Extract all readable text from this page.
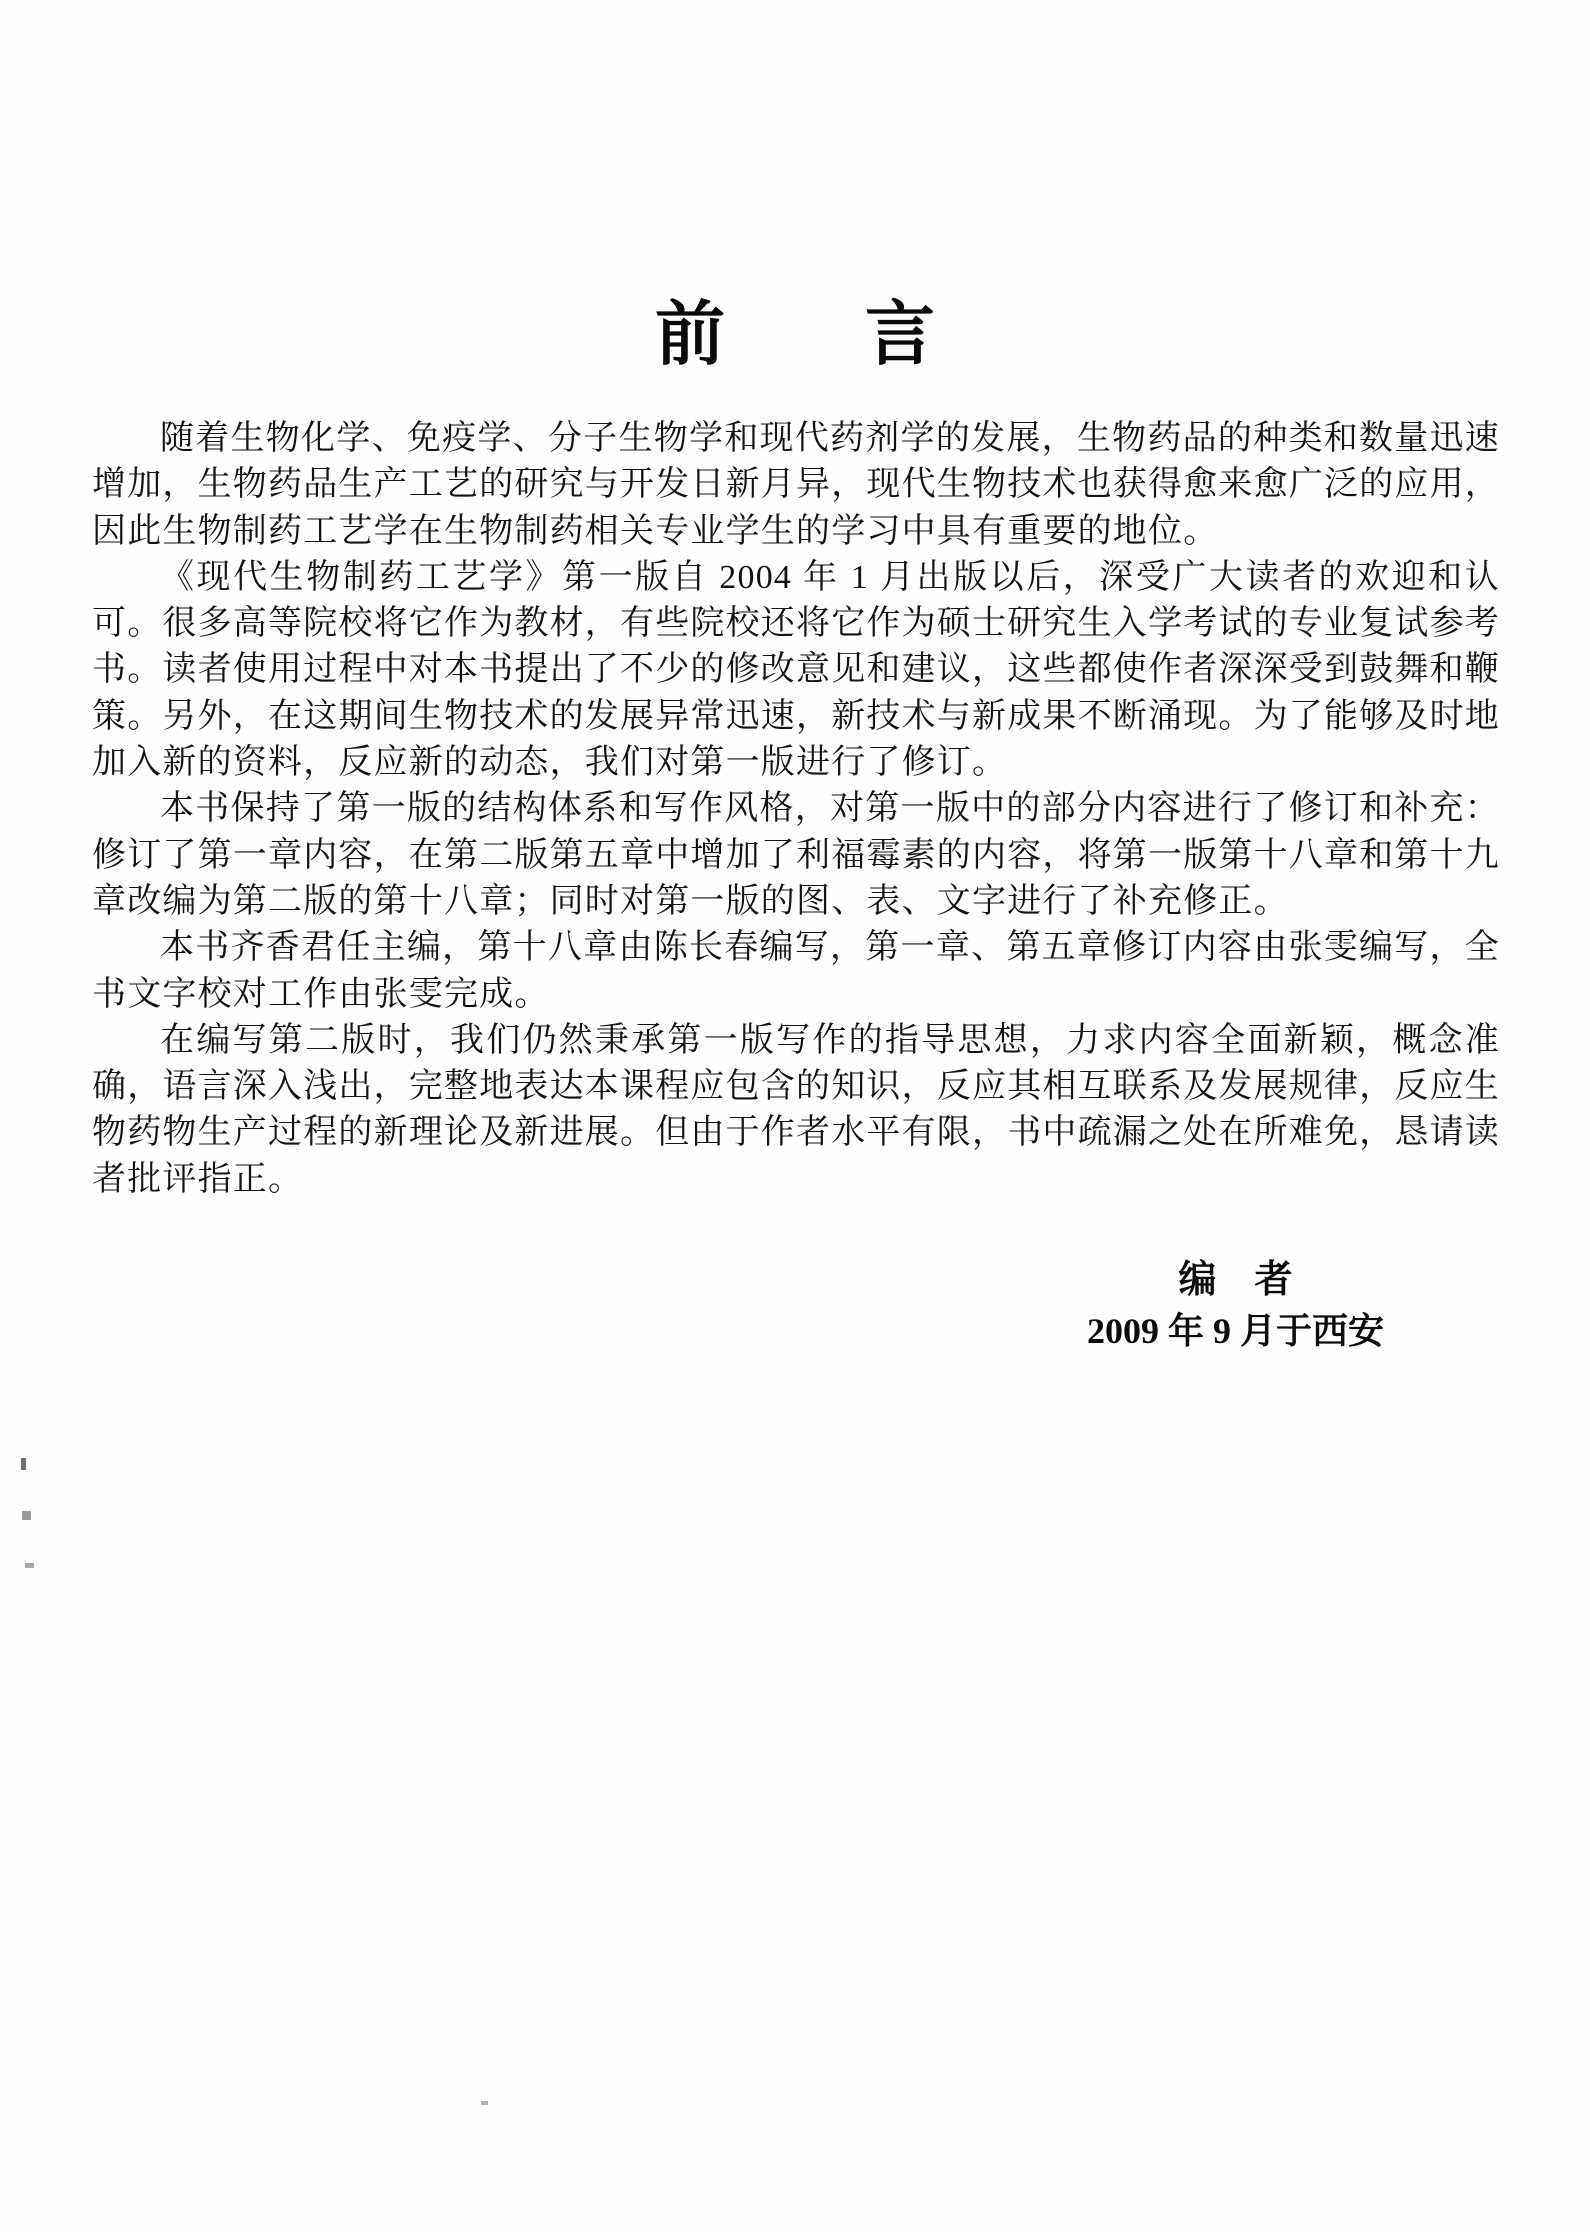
前　　言

随着生物化学、免疫学、分子生物学和现代药剂学的发展，生物药品的种类和数量迅速增加，生物药品生产工艺的研究与开发日新月异，现代生物技术也获得愈来愈广泛的应用，因此生物制药工艺学在生物制药相关专业学生的学习中具有重要的地位。

《现代生物制药工艺学》第一版自 2004 年 1 月出版以后，深受广大读者的欢迎和认可。很多高等院校将它作为教材，有些院校还将它作为硕士研究生入学考试的专业复试参考书。读者使用过程中对本书提出了不少的修改意见和建议，这些都使作者深深受到鼓舞和鞭策。另外，在这期间生物技术的发展异常迅速，新技术与新成果不断涌现。为了能够及时地加入新的资料，反应新的动态，我们对第一版进行了修订。

本书保持了第一版的结构体系和写作风格，对第一版中的部分内容进行了修订和补充：修订了第一章内容，在第二版第五章中增加了利福霉素的内容，将第一版第十八章和第十九章改编为第二版的第十八章；同时对第一版的图、表、文字进行了补充修正。

本书齐香君任主编，第十八章由陈长春编写，第一章、第五章修订内容由张雯编写，全书文字校对工作由张雯完成。

在编写第二版时，我们仍然秉承第一版写作的指导思想，力求内容全面新颖，概念准确，语言深入浅出，完整地表达本课程应包含的知识，反应其相互联系及发展规律，反应生物药物生产过程的新理论及新进展。但由于作者水平有限，书中疏漏之处在所难免，恳请读者批评指正。

编　者
2009 年 9 月于西安
